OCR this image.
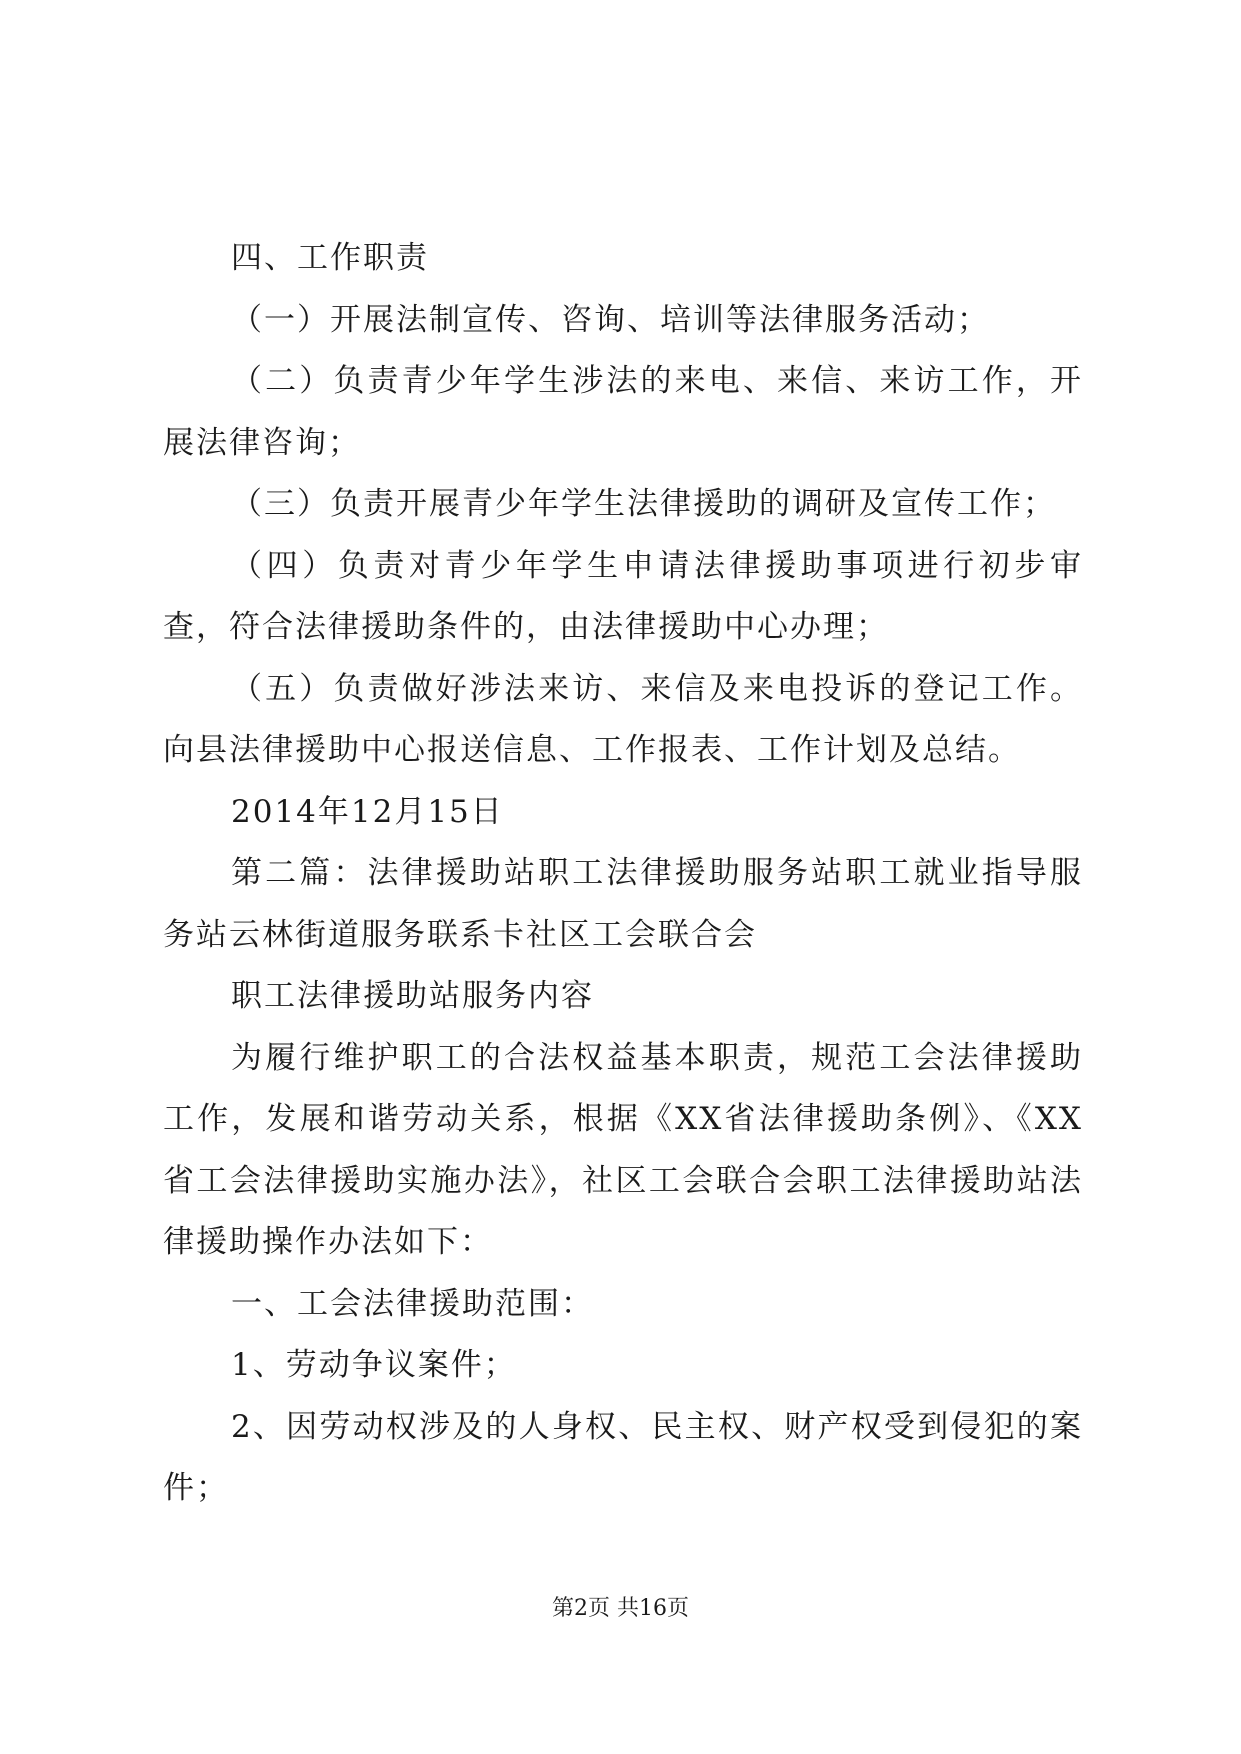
四、工作职责

（一）开展法制宣传、咨询、培训等法律服务活动；

（二）负责青少年学生涉法的来电、来信、来访工作，开展法律咨询；

（三）负责开展青少年学生法律援助的调研及宣传工作；

（四）负责对青少年学生申请法律援助事项进行初步审查，符合法律援助条件的，由法律援助中心办理；

（五）负责做好涉法来访、来信及来电投诉的登记工作。向县法律援助中心报送信息、工作报表、工作计划及总结。

2014年12月15日

第二篇：法律援助站职工法律援助服务站职工就业指导服务站云林街道服务联系卡社区工会联合会

职工法律援助站服务内容

为履行维护职工的合法权益基本职责，规范工会法律援助工作，发展和谐劳动关系，根据《XX省法律援助条例》、《XX省工会法律援助实施办法》，社区工会联合会职工法律援助站法律援助操作办法如下：

一、工会法律援助范围：

1、劳动争议案件；

2、因劳动权涉及的人身权、民主权、财产权受到侵犯的案件；

第2页 共16页
